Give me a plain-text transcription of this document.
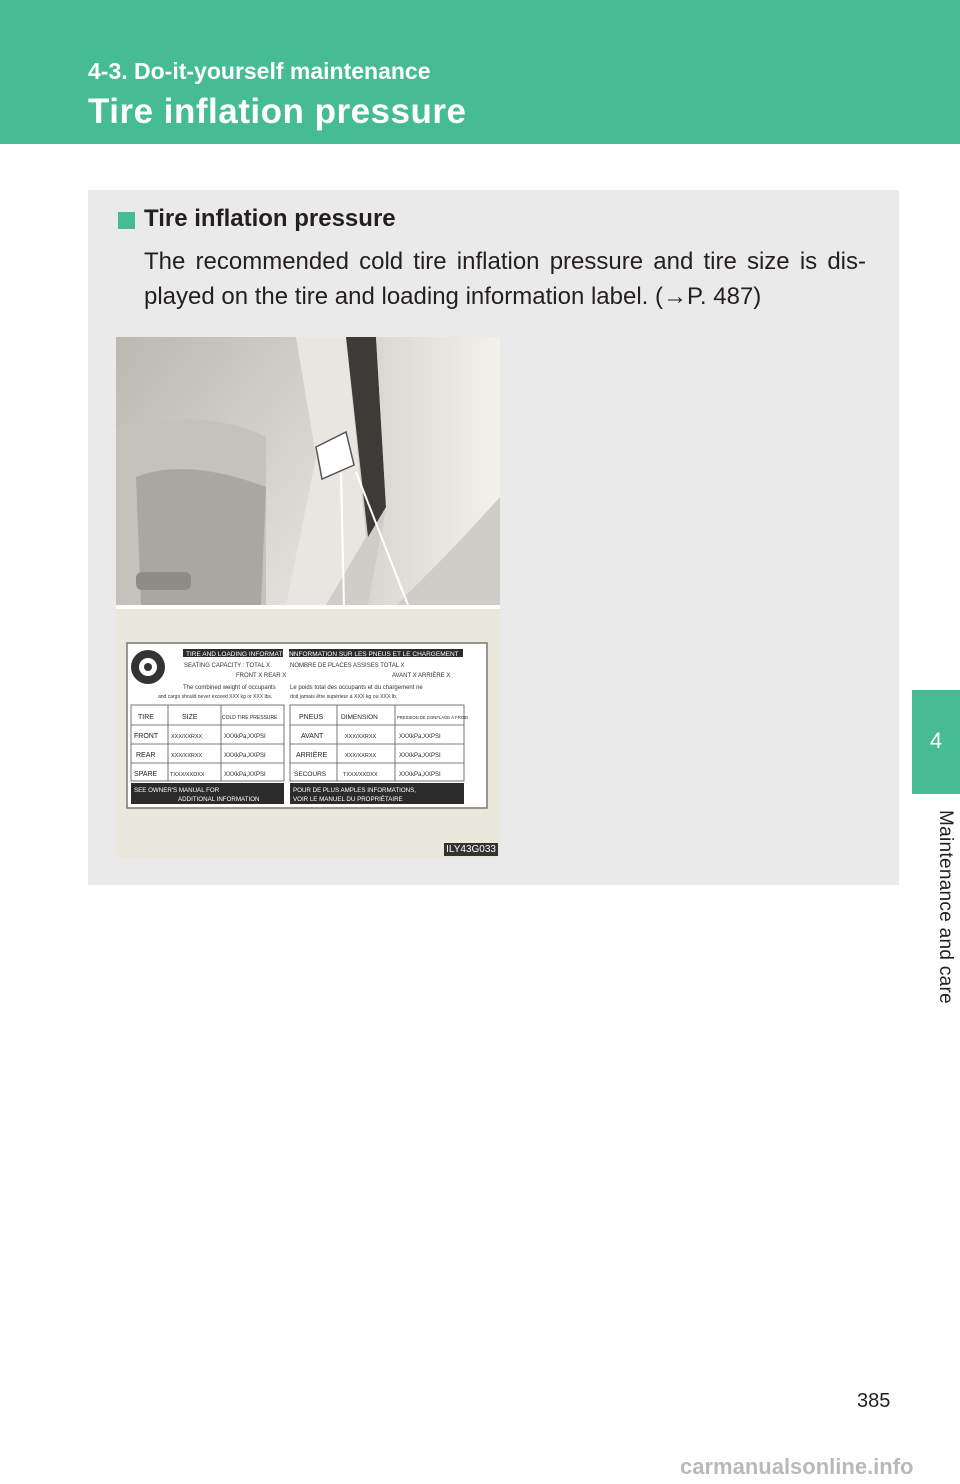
4-3. Do-it-yourself maintenance
Tire inflation pressure
4
Maintenance and care
Tire inflation pressure
The recommended cold tire inflation pressure and tire size is dis-played on the tire and loading information label. (→P. 487)
TIRE AND LOADING INFORMATION
INFORMATION SUR LES PNEUS ET LE CHARGEMENT
SEATING CAPACITY : TOTAL X
FRONT X REAR X
NOMBRE DE PLACES ASSISES TOTAL X
AVANT X ARRIÈRE X
The combined weight of occupants
and cargo should never exceed XXX kg or XXX lbs.
Le poids total des occupants et du chargement ne
doit jamais être supérieur à XXX kg ou XXX lb.
TIRE	SIZE	COLD TIRE PRESSURE
FRONT XXX/XXRXX	XXXkPa,XXPSI
REAR	XXX/XXRXX	XXXkPa,XXPSI
SPARE TXXX/XXDXX	XXXkPa,XXPSI
PNEUS	DIMENSION	PRESSION DE GONFLAGE À FROID
AVANT	XXX/XXRXX	XXXkPa,XXPSI
ARRIÈRE	XXX/XXRXX	XXXkPa,XXPSI
SECOURS	TXXX/XXDXX	XXXkPa,XXPSI
SEE OWNER'S MANUAL FOR
ADDITIONAL INFORMATION
POUR DE PLUS AMPLES INFORMATIONS,
VOIR LE MANUEL DU PROPRIÉTAIRE
ILY43G033
385
carmanualsonline.info
